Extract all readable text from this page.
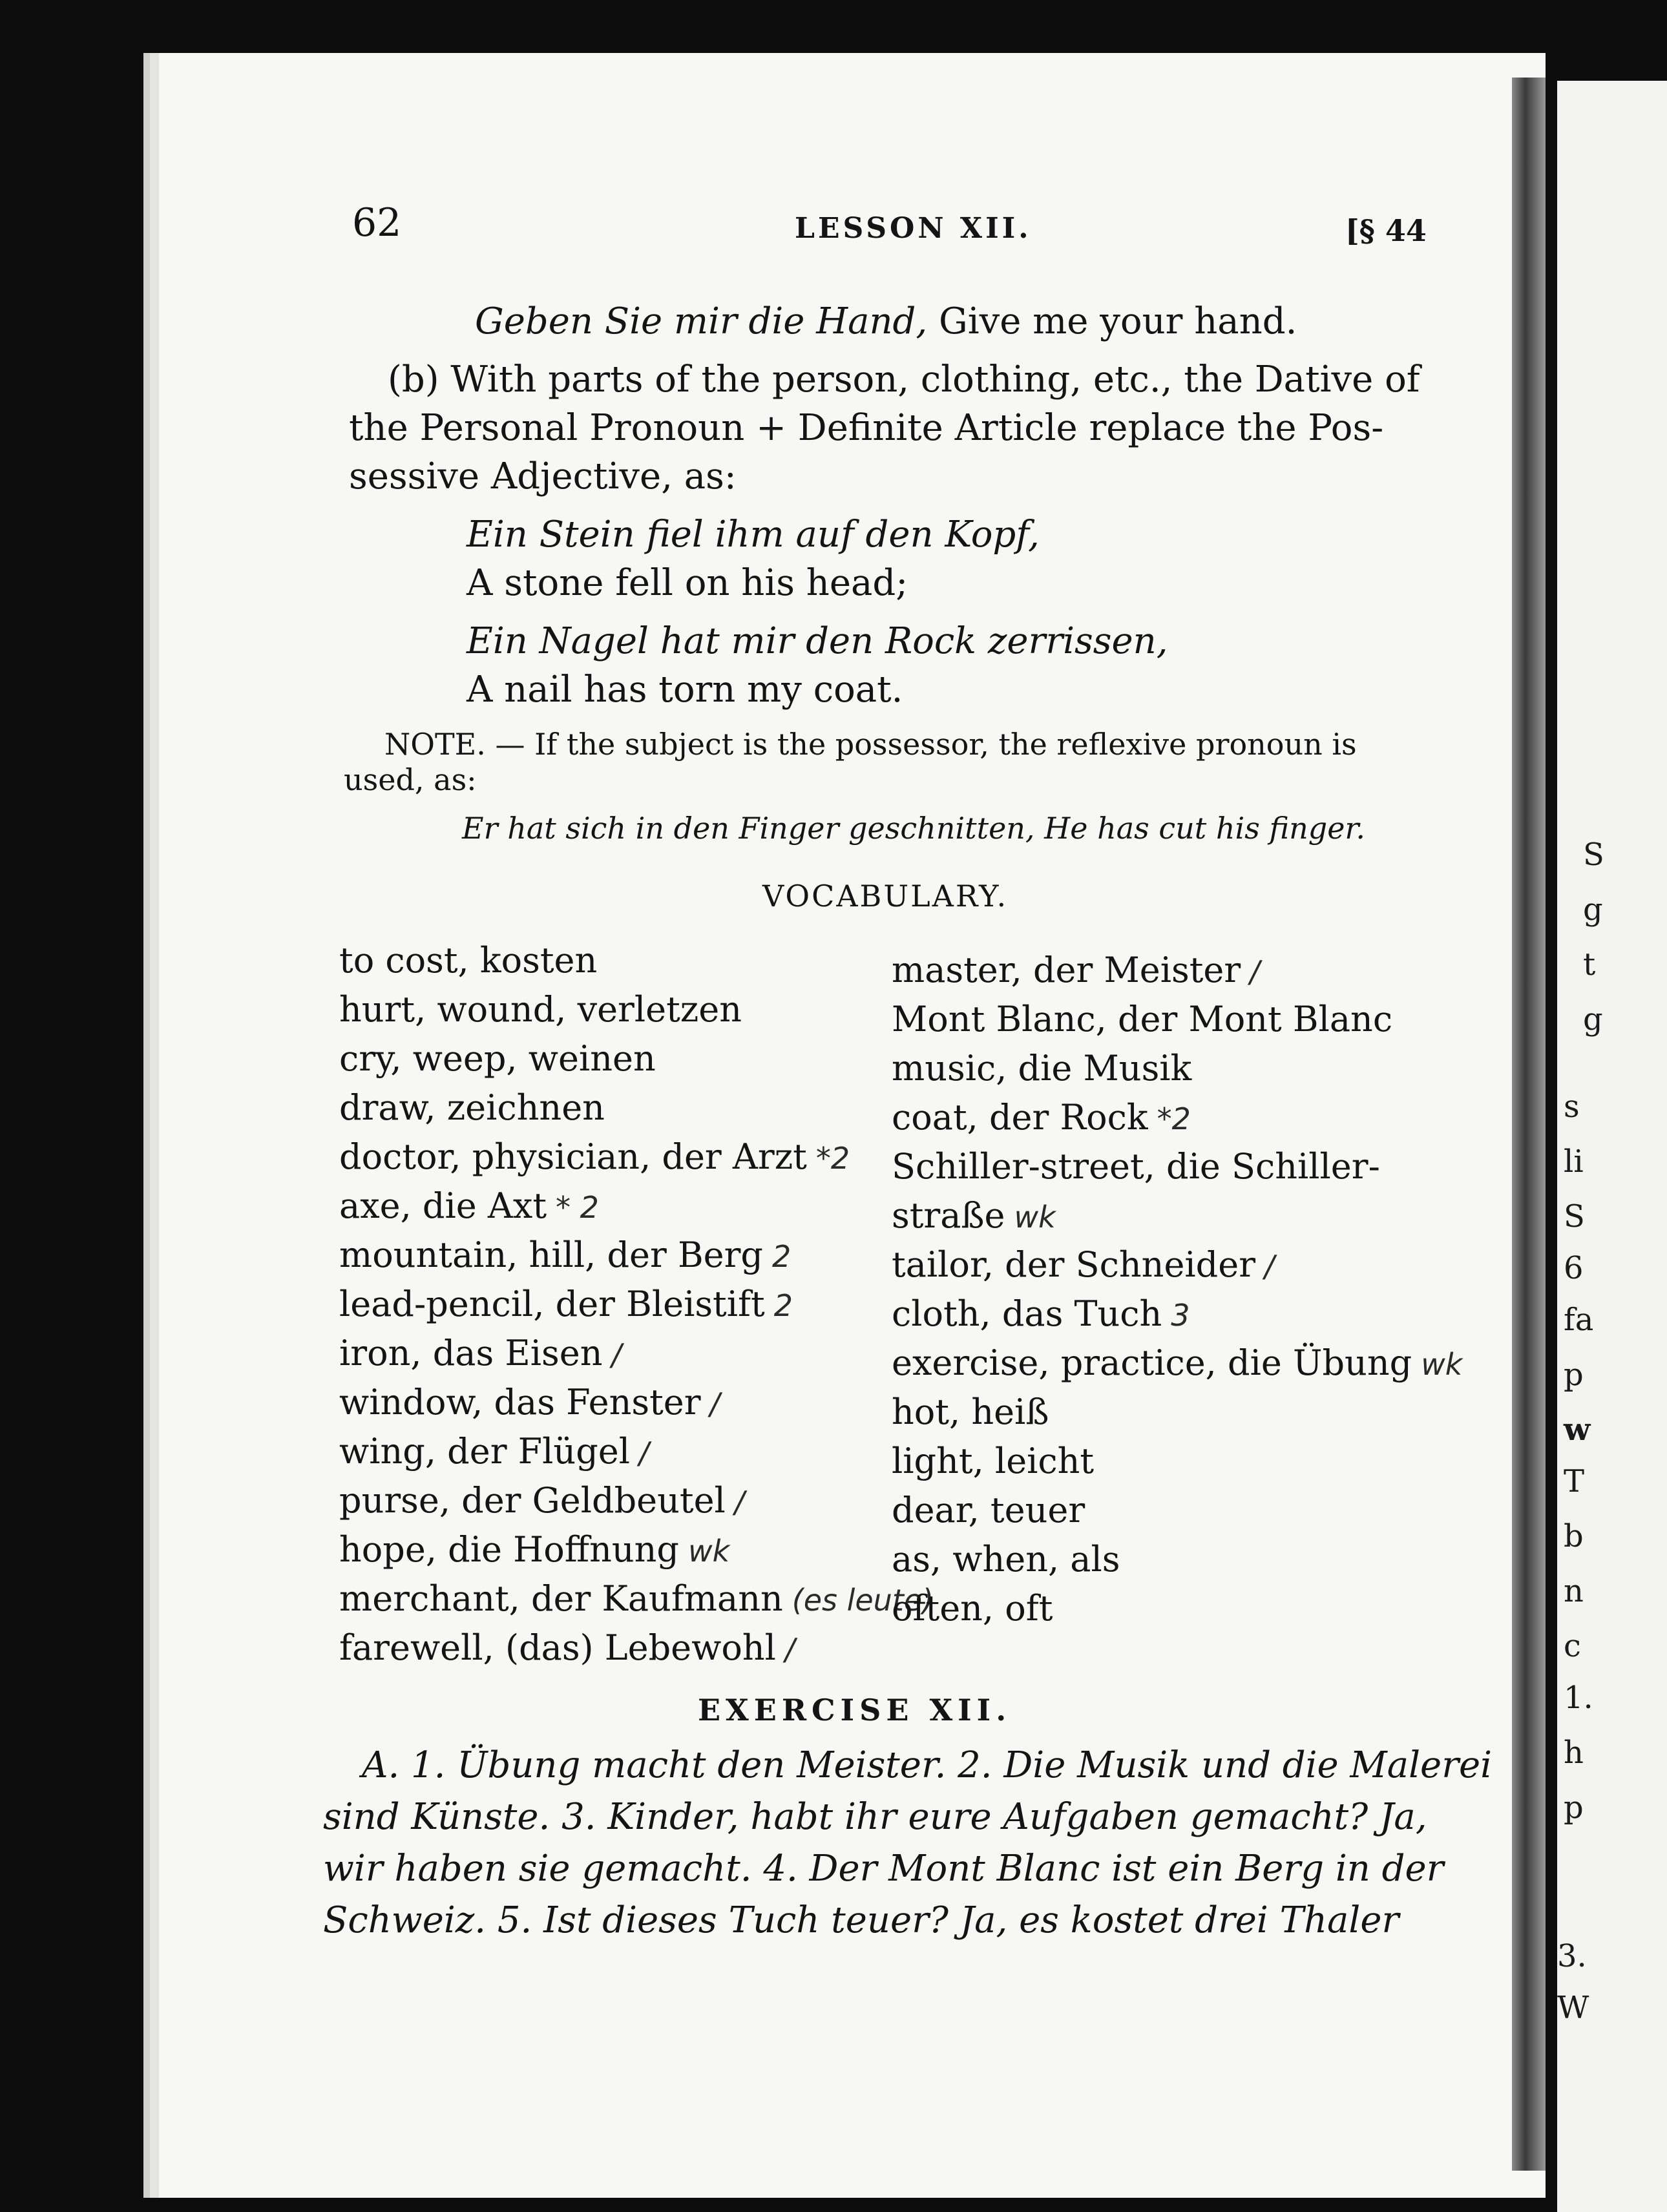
S
g
t
g
s
li
S
6
fa
p
w
T
b
n
c
1.
h
p
3.
W
62	LESSON XII.	[§ 44
Geben Sie mir die Hand, Give me your hand.
(b) With parts of the person, clothing, etc., the Dative of
the Personal Pronoun + Definite Article replace the Pos-
sessive Adjective, as:
Ein Stein fiel ihm auf den Kopf,
A stone fell on his head;
Ein Nagel hat mir den Rock zerrissen,
A nail has torn my coat.
NOTE. — If the subject is the possessor, the reflexive pronoun is
used, as:
Er hat sich in den Finger geschnitten, He has cut his finger.
VOCABULARY.
to cost, kosten
hurt, wound, verletzen
cry, weep, weinen
draw, zeichnen
doctor, physician, der Arzt *2
axe, die Axt * 2
mountain, hill, der Berg 2
lead-pencil, der Bleistift 2
iron, das Eisen /
window, das Fenster /
wing, der Flügel /
purse, der Geldbeutel /
hope, die Hoffnung wk
merchant, der Kaufmann (es leute)
farewell, (das) Lebewohl /
master, der Meister /
Mont Blanc, der Mont Blanc
music, die Musik
coat, der Rock *2
Schiller-street, die Schiller-
straße wk
tailor, der Schneider /
cloth, das Tuch 3
exercise, practice, die Übung wk
hot, heiß
light, leicht
dear, teuer
as, when, als
often, oft
EXERCISE XII.
A. 1. Übung macht den Meister. 2. Die Musik und die Malerei
sind Künste. 3. Kinder, habt ihr eure Aufgaben gemacht? Ja,
wir haben sie gemacht. 4. Der Mont Blanc ist ein Berg in der
Schweiz. 5. Ist dieses Tuch teuer? Ja, es kostet drei Thaler
